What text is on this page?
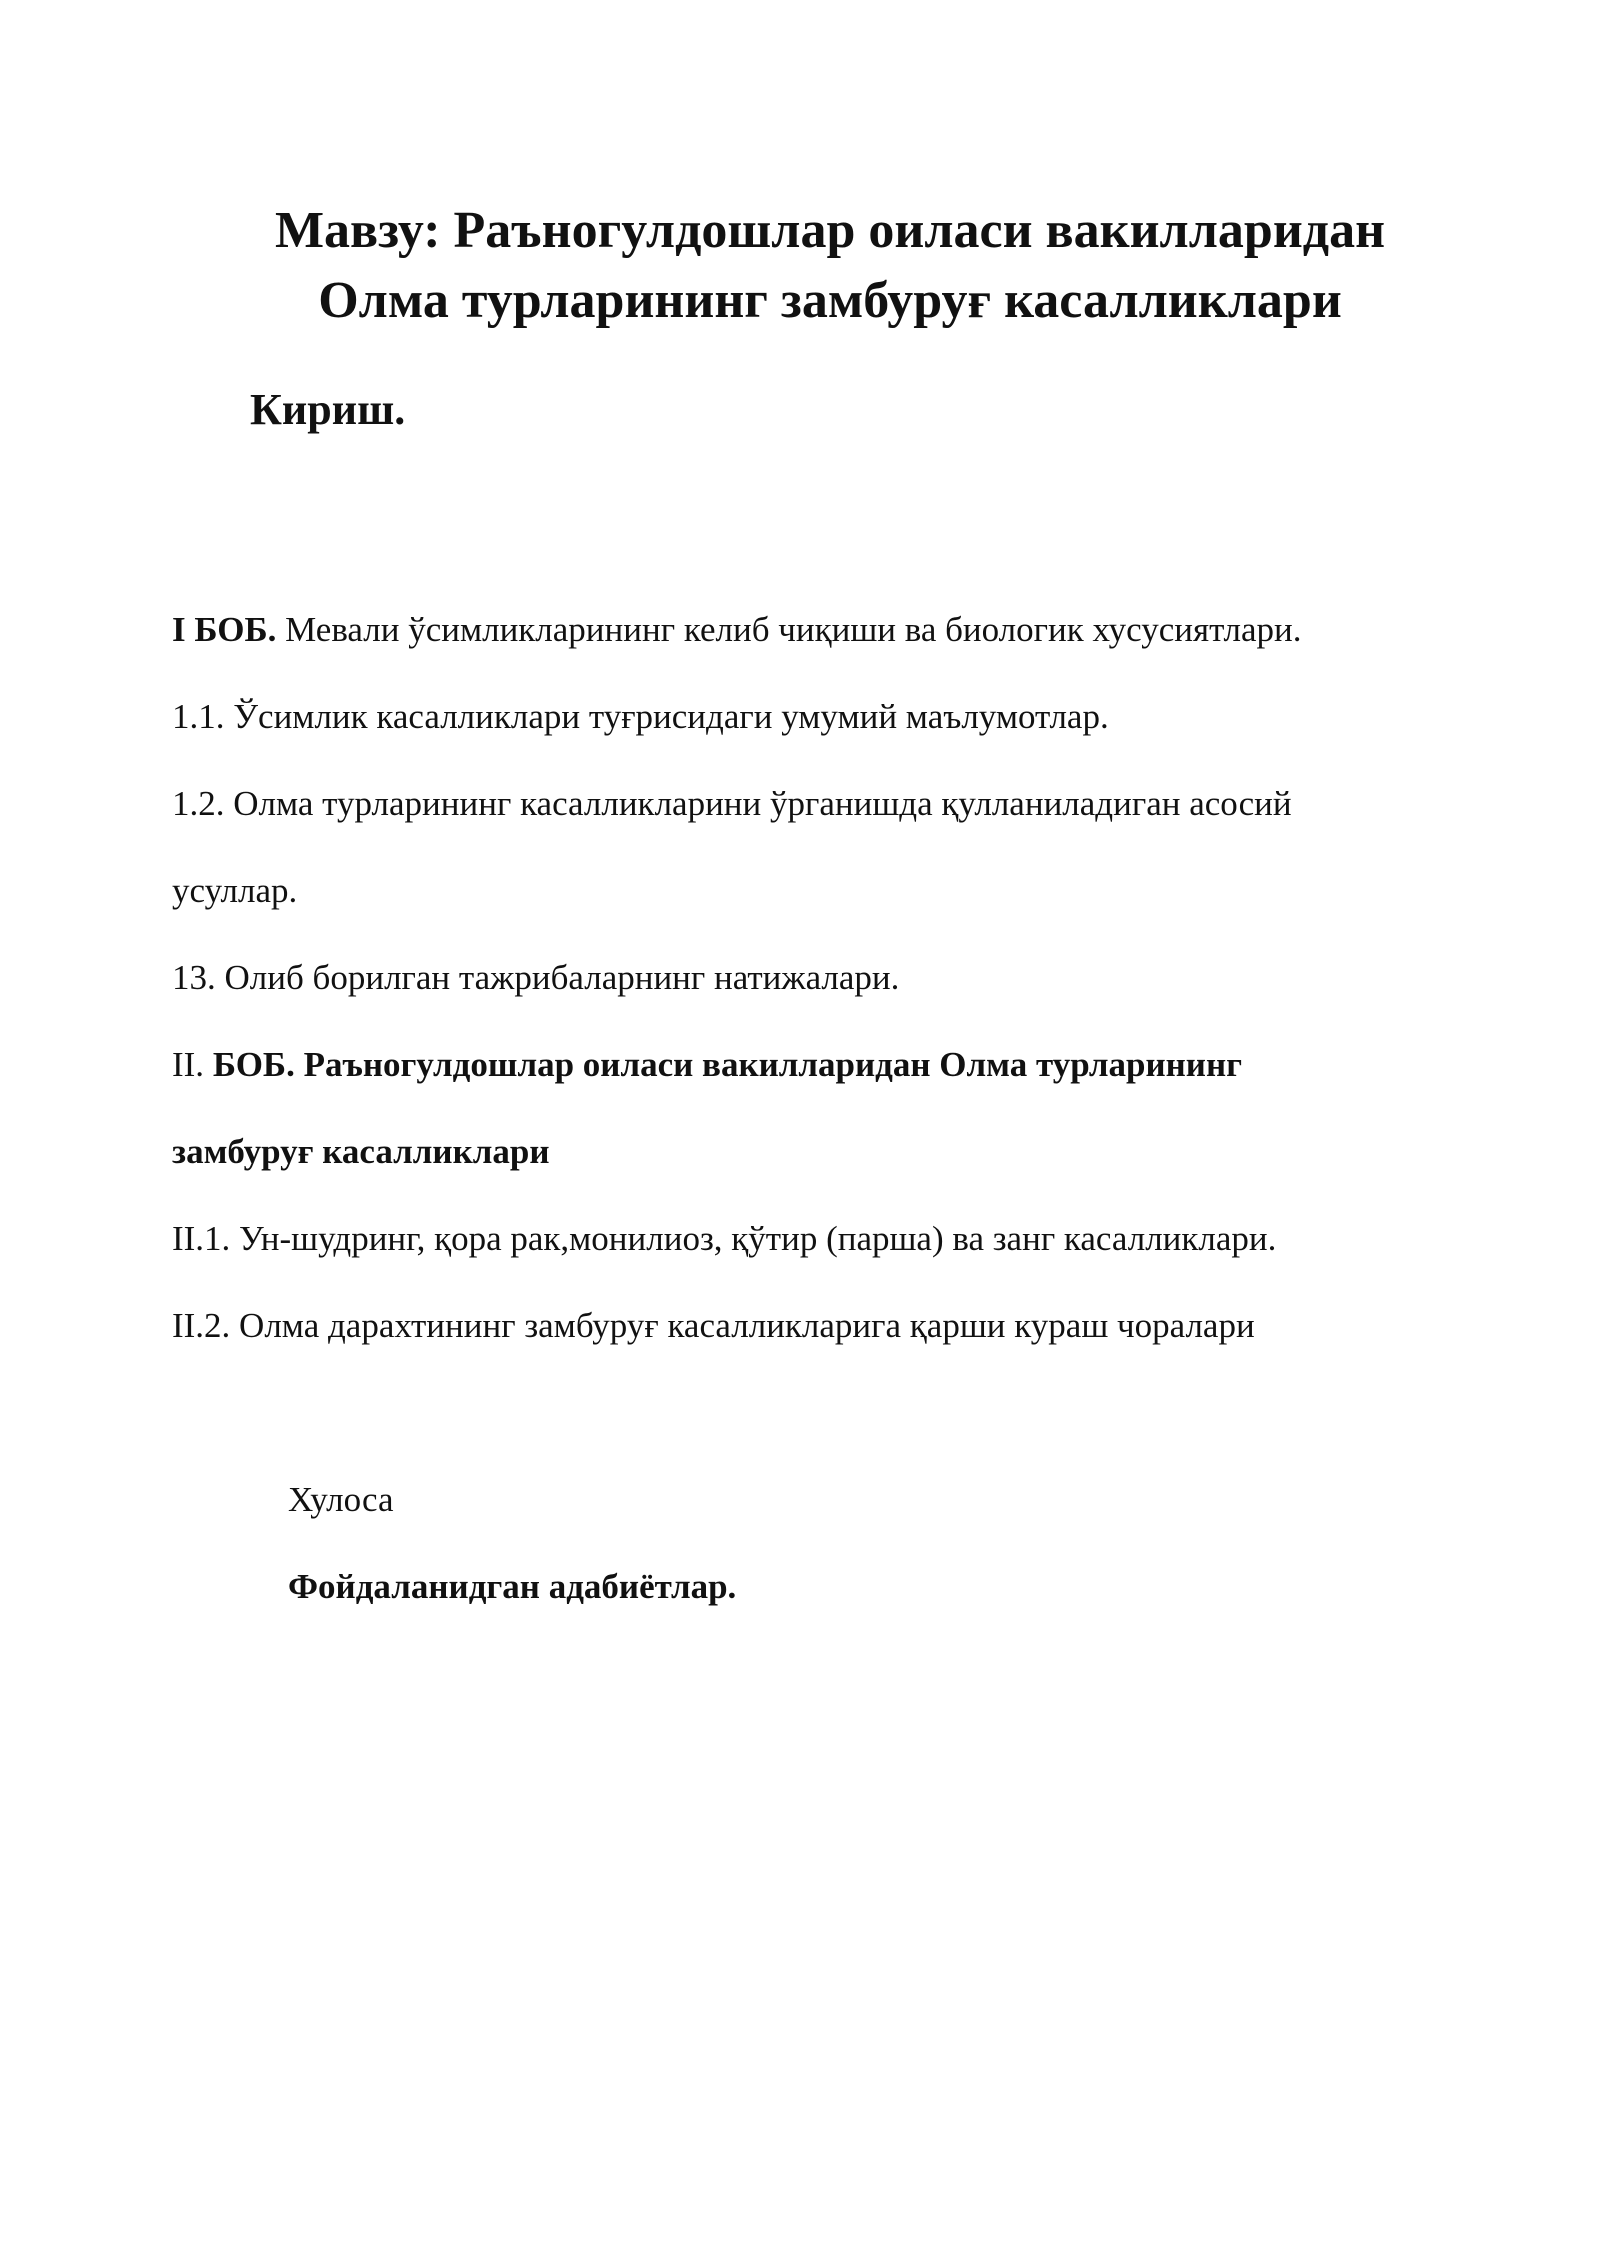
Мавзу: Раъногулдошлар оиласи вакилларидан
Олма турларининг замбуруғ касалликлари
Кириш.
I БОБ. Мевали ўсимликларининг келиб чиқиши ва биологик хусусиятлари.
1.1. Ўсимлик касалликлари туғрисидаги умумий маълумотлар.
1.2. Олма турларининг касалликларини ўрганишда қулланиладиган асосий
усуллар.
13. Олиб борилган тажрибаларнинг натижалари.
II. БОБ. Раъногулдошлар оиласи вакилларидан Олма турларининг
замбуруғ касалликлари
II.1. Ун-шудринг, қора рак,монилиоз, қўтир (парша) ва занг касалликлари.
II.2. Олма дарахтининг замбуруғ касалликларига қарши кураш чоралари
Хулоса
Фойдаланидган адабиётлар.
